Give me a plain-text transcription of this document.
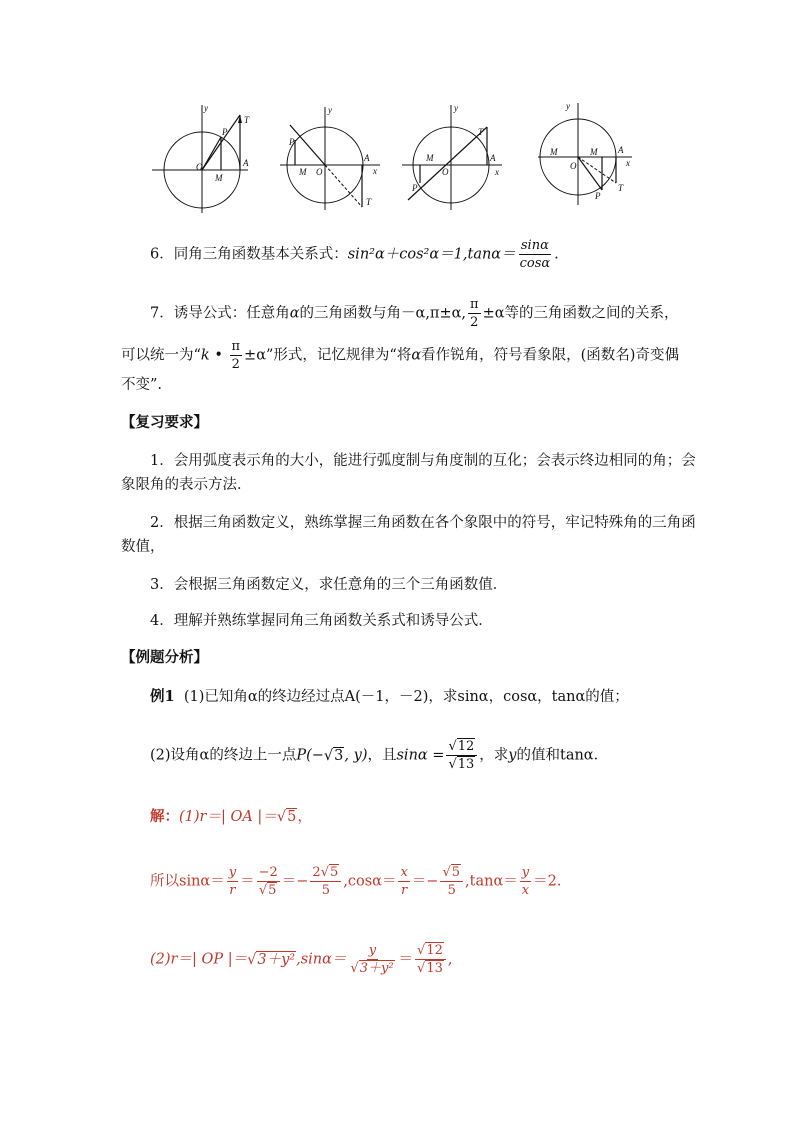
O
P
M
A
T
y
O
P
M
A
T
x
y
O
P
M	A
T
x
y
O
M	M
P
A
T
x
y
6．同角三角函数基本关系式：$\sin^2\alpha+\cos^2\alpha=1,\tan\alpha= \frac{\sin\alpha}{\cos\alpha}$ .
7．诱导公式：任意角α的三角函数与角－α,π±α, $\frac{\pi}{2} \pm\alpha$等的三角函数之间的关系，
可以统一为“k • $\frac{\pi}{2} \pm\alpha$”形式，记忆规律为“将α看作锐角，符号看象限，(函数名)奇变偶
不变”.
【复习要求】
1．会用弧度表示角的大小，能进行弧度制与角度制的互化；会表示终边相同的角；会
象限角的表示方法．
2．根据三角函数定义，熟练掌握三角函数在各个象限中的符号，牢记特殊角的三角函
数值，
3．会根据三角函数定义，求任意角的三个三角函数值．
4．理解并熟练掌握同角三角函数关系式和诱导公式．
【例题分析】
例1 (1)已知角α的终边经过点A(－1，－2)，求sinα，cosα，tanα的值；
(2)设角α的终边上一点P(−√3, y)，且$\sin\alpha = \frac{√12}{√13}$ ，求y的值和tanα．
解：(1)r＝| OA |＝√5，
所以$\sin\alpha= \frac{y}{r} = \frac{-2}{√5} =- \frac{2√5}{5} ,\cos\alpha= \frac{x}{r} =- \frac{√5}{5} ,\tan\alpha= \frac{y}{x} =2$.
(2)r＝| OP $|=√3+y^2,\sin\alpha= \frac{y}{\text{√3＋y²}} = \frac{√12}{√13}$ ,
